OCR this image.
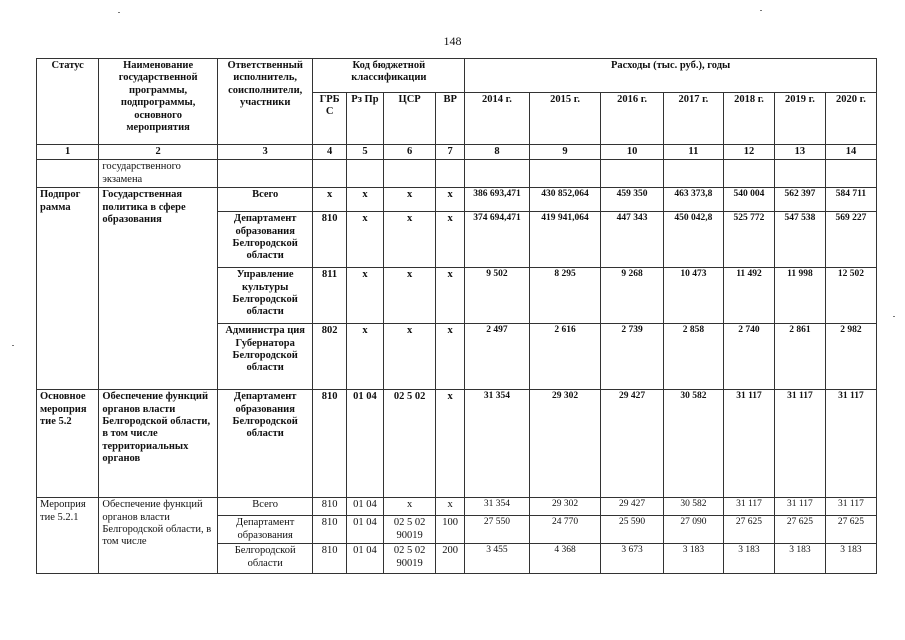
148
Статус	Наименование государственной программы, подпрограммы, основного мероприятия	Ответственный исполнитель, соисполнители, участники	Код бюджетной классификации				Расходы (тыс. руб.), годы						
			ГРБ С	Рз Пр	ЦСР	ВР	2014 г.	2015 г.	2016 г.	2017 г.	2018 г.	2019 г.	2020 г.
1	2	3	4	5	6	7	8	9	10	11	12	13	14
	государственного экзамена												
Подпрог рамма	Государственная политика в сфере образования	Всего	х	х	х	х	386 693,471	430 852,064	459 350	463 373,8	540 004	562 397	584 711
		Департамент образования Белгородской области	810	х	х	х	374 694,471	419 941,064	447 343	450 042,8	525 772	547 538	569 227
		Управление культуры Белгородской области	811	х	х	х	9 502	8 295	9 268	10 473	11 492	11 998	12 502
		Администра ция Губернатора Белгородской области	802	х	х	х	2 497	2 616	2 739	2 858	2 740	2 861	2 982
Основное мероприя тие 5.2	Обеспечение функций органов власти Белгородской области, в том числе территориальных органов	Департамент образования Белгородской области	810	01 04	02 5 02	х	31 354	29 302	29 427	30 582	31 117	31 117	31 117
Мероприя тие 5.2.1	Обеспечение функций органов власти Белгородской области, в том числе	Всего	810	01 04	х	х	31 354	29 302	29 427	30 582	31 117	31 117	31 117
		Департамент образования	810	01 04	02 5 02 90019	100	27 550	24 770	25 590	27 090	27 625	27 625	27 625
		Белгородской области	810	01 04	02 5 02 90019	200	3 455	4 368	3 673	3 183	3 183	3 183	3 183
